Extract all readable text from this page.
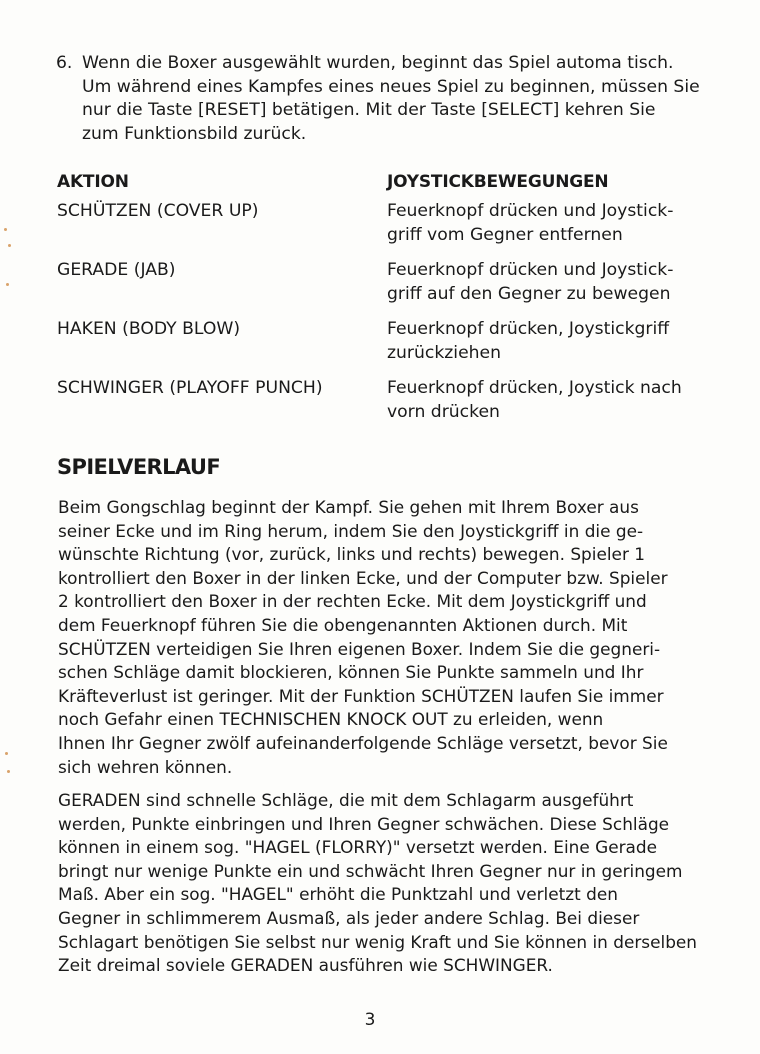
6. Wenn die Boxer ausgewählt wurden, beginnt das Spiel automa tisch.
Um während eines Kampfes eines neues Spiel zu beginnen, müssen Sie
nur die Taste [RESET] betätigen. Mit der Taste [SELECT] kehren Sie
zum Funktionsbild zurück.
AKTION	JOYSTICKBEWEGUNGEN
SCHÜTZEN (COVER UP)	Feuerknopf drücken und Joystick-
griff vom Gegner entfernen
GERADE (JAB)	Feuerknopf drücken und Joystick-
griff auf den Gegner zu bewegen
HAKEN (BODY BLOW)	Feuerknopf drücken, Joystickgriff
zurückziehen
SCHWINGER (PLAYOFF PUNCH)	Feuerknopf drücken, Joystick nach
vorn drücken
SPIELVERLAUF
Beim Gongschlag beginnt der Kampf. Sie gehen mit Ihrem Boxer aus
seiner Ecke und im Ring herum, indem Sie den Joystickgriff in die ge-
wünschte Richtung (vor, zurück, links und rechts) bewegen. Spieler 1
kontrolliert den Boxer in der linken Ecke, und der Computer bzw. Spieler
2 kontrolliert den Boxer in der rechten Ecke. Mit dem Joystickgriff und
dem Feuerknopf führen Sie die obengenannten Aktionen durch. Mit
SCHÜTZEN verteidigen Sie Ihren eigenen Boxer. Indem Sie die gegneri-
schen Schläge damit blockieren, können Sie Punkte sammeln und Ihr
Kräfteverlust ist geringer. Mit der Funktion SCHÜTZEN laufen Sie immer
noch Gefahr einen TECHNISCHEN KNOCK OUT zu erleiden, wenn
Ihnen Ihr Gegner zwölf aufeinanderfolgende Schläge versetzt, bevor Sie
sich wehren können.
GERADEN sind schnelle Schläge, die mit dem Schlagarm ausgeführt
werden, Punkte einbringen und Ihren Gegner schwächen. Diese Schläge
können in einem sog. "HAGEL (FLORRY)" versetzt werden. Eine Gerade
bringt nur wenige Punkte ein und schwächt Ihren Gegner nur in geringem
Maß. Aber ein sog. "HAGEL" erhöht die Punktzahl und verletzt den
Gegner in schlimmerem Ausmaß, als jeder andere Schlag. Bei dieser
Schlagart benötigen Sie selbst nur wenig Kraft und Sie können in derselben
Zeit dreimal soviele GERADEN ausführen wie SCHWINGER.
3
